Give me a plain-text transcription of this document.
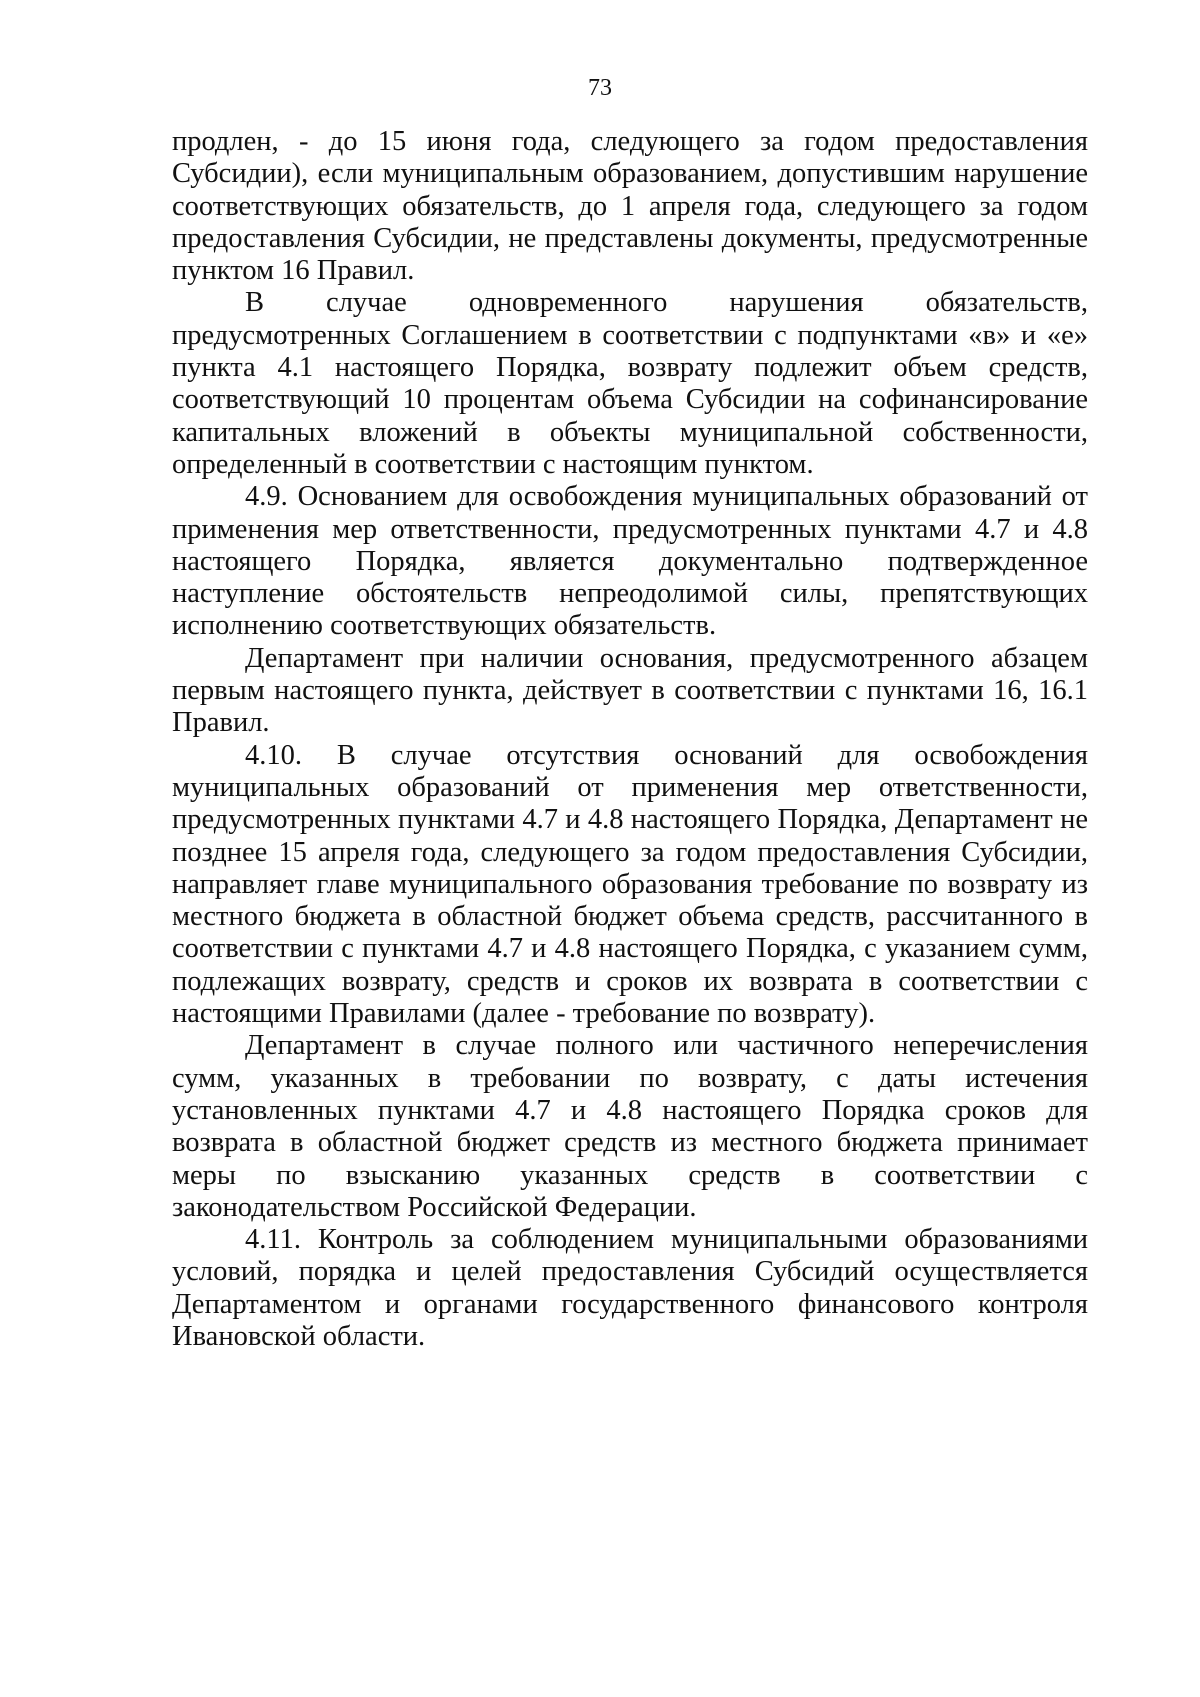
73

продлен, - до 15 июня года, следующего за годом предоставления Субсидии), если муниципальным образованием, допустившим нарушение соответствующих обязательств, до 1 апреля года, следующего за годом предоставления Субсидии, не представлены документы, предусмотренные пунктом 16 Правил.

В случае одновременного нарушения обязательств, предусмотренных Соглашением в соответствии с подпунктами «в» и «е» пункта 4.1 настоящего Порядка, возврату подлежит объем средств, соответствующий 10 процентам объема Субсидии на софинансирование капитальных вложений в объекты муниципальной собственности, определенный в соответствии с настоящим пунктом.

4.9. Основанием для освобождения муниципальных образований от применения мер ответственности, предусмотренных пунктами 4.7 и 4.8 настоящего Порядка, является документально подтвержденное наступление обстоятельств непреодолимой силы, препятствующих исполнению соответствующих обязательств.

Департамент при наличии основания, предусмотренного абзацем первым настоящего пункта, действует в соответствии с пунктами 16, 16.1 Правил.

4.10. В случае отсутствия оснований для освобождения муниципальных образований от применения мер ответственности, предусмотренных пунктами 4.7 и 4.8 настоящего Порядка, Департамент не позднее 15 апреля года, следующего за годом предоставления Субсидии, направляет главе муниципального образования требование по возврату из местного бюджета в областной бюджет объема средств, рассчитанного в соответствии с пунктами 4.7 и 4.8 настоящего Порядка, с указанием сумм, подлежащих возврату, средств и сроков их возврата в соответствии с настоящими Правилами (далее - требование по возврату).

Департамент в случае полного или частичного неперечисления сумм, указанных в требовании по возврату, с даты истечения установленных пунктами 4.7 и 4.8 настоящего Порядка сроков для возврата в областной бюджет средств из местного бюджета принимает меры по взысканию указанных средств в соответствии с законодательством Российской Федерации.

4.11. Контроль за соблюдением муниципальными образованиями условий, порядка и целей предоставления Субсидий осуществляется Департаментом и органами государственного финансового контроля Ивановской области.
